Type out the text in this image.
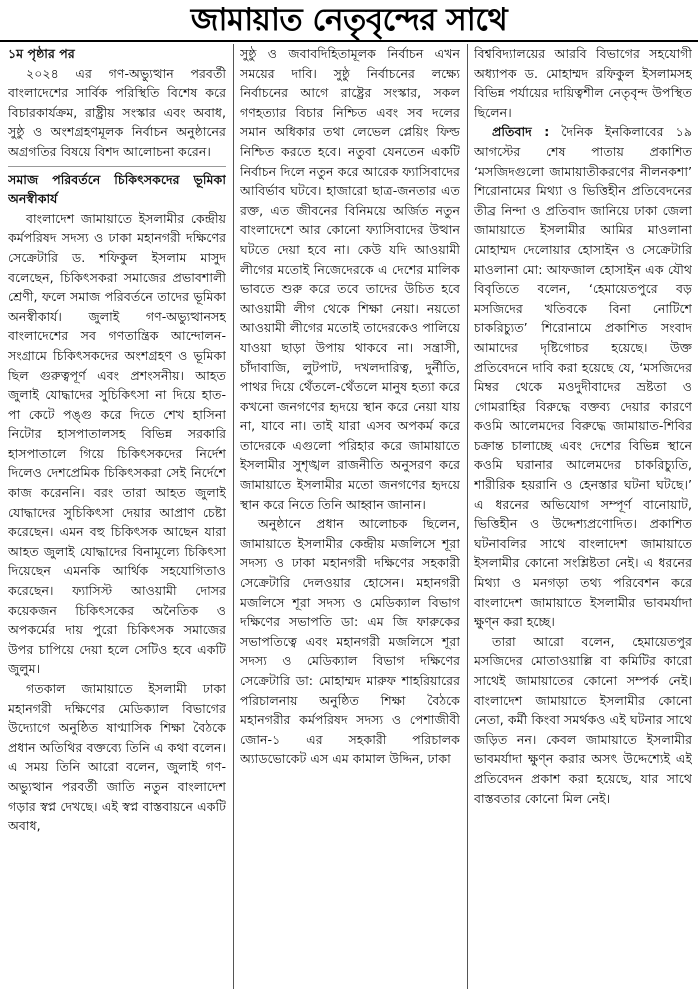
জামায়াত নেতৃবৃন্দের সাথে

১ম পৃষ্ঠার পর

২০২৪ এর গণ-অভ্যুত্থান পরবর্তী বাংলাদেশের সার্বিক পরিস্থিতি বিশেষ করে বিচারকার্যক্রম, রাষ্ট্রীয় সংস্কার এবং অবাধ, সুষ্ঠু ও অংশগ্রহণমূলক নির্বাচন অনুষ্ঠানের অগ্রগতির বিষয়ে বিশদ আলোচনা করেন।

সমাজ পরিবর্তনে চিকিৎসকদের ভূমিকা অনস্বীকার্য

বাংলাদেশ জামায়াতে ইসলামীর কেন্দ্রীয় কর্মপরিষদ সদস্য ও ঢাকা মহানগরী দক্ষিণের সেক্রেটারি ড. শফিকুল ইসলাম মাসুদ বলেছেন, চিকিৎসকরা সমাজের প্রভাবশালী শ্রেণী, ফলে সমাজ পরিবর্তনে তাদের ভূমিকা অনস্বীকার্য। জুলাই গণ-অভ্যুত্থানসহ বাংলাদেশের সব গণতান্ত্রিক আন্দোলন-সংগ্রামে চিকিৎসকদের অংশগ্রহণ ও ভূমিকা ছিল গুরুত্বপূর্ণ এবং প্রশংসনীয়। আহত জুলাই যোদ্ধাদের সুচিকিৎসা না দিয়ে হাত-পা কেটে পঙ্গু করে দিতে শেখ হাসিনা নিটোর হাসপাতালসহ বিভিন্ন সরকারি হাসপাতালে গিয়ে চিকিৎসকদের নির্দেশ দিলেও দেশপ্রেমিক চিকিৎসকরা সেই নির্দেশে কাজ করেননি। বরং তারা আহত জুলাই যোদ্ধাদের সুচিকিৎসা দেয়ার আপ্রাণ চেষ্টা করেছেন। এমন বহু চিকিৎসক আছেন যারা আহত জুলাই যোদ্ধাদের বিনামূল্যে চিকিৎসা দিয়েছেন এমনকি আর্থিক সহযোগিতাও করেছেন। ফ্যাসিস্ট আওয়ামী দোসর কয়েকজন চিকিৎসকের অনৈতিক ও অপকর্মের দায় পুরো চিকিৎসক সমাজের উপর চাপিয়ে দেয়া হলে সেটিও হবে একটি জুলুম।

গতকাল জামায়াতে ইসলামী ঢাকা মহানগরী দক্ষিণের মেডিক্যাল বিভাগের উদ্যোগে অনুষ্ঠিত ষাণ্মাসিক শিক্ষা বৈঠকে প্রধান অতিথির বক্তব্যে তিনি এ কথা বলেন। এ সময় তিনি আরো বলেন, জুলাই গণ-অভ্যুত্থান পরবর্তী জাতি নতুন বাংলাদেশ গড়ার স্বপ্ন দেখছে। এই স্বপ্ন বাস্তবায়নে একটি অবাধ,

সুষ্ঠু ও জবাবদিহিতামূলক নির্বাচন এখন সময়ের দাবি। সুষ্ঠু নির্বাচনের লক্ষ্যে নির্বাচনের আগে রাষ্ট্রের সংস্কার, সকল গণহত্যার বিচার নিশ্চিত এবং সব দলের সমান অধিকার তথা লেভেল প্লেয়িং ফিল্ড নিশ্চিত করতে হবে। নতুবা যেনতেন একটি নির্বাচন দিলে নতুন করে আরেক ফ্যাসিবাদের আবির্ভাব ঘটবে। হাজারো ছাত্র-জনতার এত রক্ত, এত জীবনের বিনিময়ে অর্জিত নতুন বাংলাদেশে আর কোনো ফ্যাসিবাদের উত্থান ঘটতে দেয়া হবে না। কেউ যদি আওয়ামী লীগের মতোই নিজেদেরকে এ দেশের মালিক ভাবতে শুরু করে তবে তাদের উচিত হবে আওয়ামী লীগ থেকে শিক্ষা নেয়া। নয়তো আওয়ামী লীগের মতোই তাদেরকেও পালিয়ে যাওয়া ছাড়া উপায় থাকবে না। সন্ত্রাসী, চাঁদাবাজি, লুটপাট, দখলদারিত্ব, দুর্নীতি, পাথর দিয়ে থেঁতলে-থেঁতলে মানুষ হত্যা করে কখনো জনগণের হৃদয়ে স্থান করে নেয়া যায় না, যাবে না। তাই যারা এসব অপকর্ম করে তাদেরকে এগুলো পরিহার করে জামায়াতে ইসলামীর সুশৃঙ্খল রাজনীতি অনুসরণ করে জামায়াতে ইসলামীর মতো জনগণের হৃদয়ে স্থান করে নিতে তিনি আহ্বান জানান।

অনুষ্ঠানে প্রধান আলোচক ছিলেন, জামায়াতে ইসলামীর কেন্দ্রীয় মজলিসে শূরা সদস্য ও ঢাকা মহানগরী দক্ষিণের সহকারী সেক্রেটারি দেলওয়ার হোসেন। মহানগরী মজলিসে শূরা সদস্য ও মেডিক্যাল বিভাগ দক্ষিণের সভাপতি ডা: এম জি ফারুকের সভাপতিত্বে এবং মহানগরী মজলিসে শূরা সদস্য ও মেডিক্যাল বিভাগ দক্ষিণের সেক্রেটারি ডা: মোহাম্মদ মারুফ শাহরিয়ারের পরিচালনায় অনুষ্ঠিত শিক্ষা বৈঠকে মহানগরীর কর্মপরিষদ সদস্য ও পেশাজীবী জোন-১ এর সহকারী পরিচালক অ্যাডভোকেট এস এম কামাল উদ্দিন, ঢাকা

বিশ্ববিদ্যালয়ের আরবি বিভাগের সহযোগী অধ্যাপক ড. মোহাম্মদ রফিকুল ইসলামসহ বিভিন্ন পর্যায়ের দায়িত্বশীল নেতৃবৃন্দ উপস্থিত ছিলেন।

প্রতিবাদ : দৈনিক ইনকিলাবের ১৯ আগস্টের শেষ পাতায় প্রকাশিত ‘মসজিদগুলো জামায়াতীকরণের নীলনকশা’ শিরোনামের মিথ্যা ও ভিত্তিহীন প্রতিবেদনের তীব্র নিন্দা ও প্রতিবাদ জানিয়ে ঢাকা জেলা জামায়াতে ইসলামীর আমির মাওলানা মোহাম্মদ দেলোয়ার হোসাইন ও সেক্রেটারি মাওলানা মো: আফজাল হোসাইন এক যৌথ বিবৃতিতে বলেন, ‘হেমায়েতপুরে বড় মসজিদের খতিবকে বিনা নোটিশে চাকরিচ্যুত’ শিরোনামে প্রকাশিত সংবাদ আমাদের দৃষ্টিগোচর হয়েছে। উক্ত প্রতিবেদনে দাবি করা হয়েছে যে, ‘মসজিদের মিম্বর থেকে মওদুদীবাদের ভ্রষ্টতা ও গোমরাহির বিরুদ্ধে বক্তব্য দেয়ার কারণে কওমি আলেমদের বিরুদ্ধে জামায়াত-শিবির চক্রান্ত চালাচ্ছে এবং দেশের বিভিন্ন স্থানে কওমি ঘরানার আলেমদের চাকরিচ্যুতি, শারীরিক হয়রানি ও হেনস্তার ঘটনা ঘটছে।’ এ ধরনের অভিযোগ সম্পূর্ণ বানোয়াট, ভিত্তিহীন ও উদ্দেশ্যপ্রণোদিত। প্রকাশিত ঘটনাবলির সাথে বাংলাদেশ জামায়াতে ইসলামীর কোনো সংশ্লিষ্টতা নেই। এ ধরনের মিথ্যা ও মনগড়া তথ্য পরিবেশন করে বাংলাদেশ জামায়াতে ইসলামীর ভাবমর্যাদা ক্ষুণ্ন করা হচ্ছে।

তারা আরো বলেন, হেমায়েতপুর মসজিদের মোতাওয়াল্লি বা কমিটির কারো সাথেই জামায়াতের কোনো সম্পর্ক নেই। বাংলাদেশ জামায়াতে ইসলামীর কোনো নেতা, কর্মী কিংবা সমর্থকও এই ঘটনার সাথে জড়িত নন। কেবল জামায়াতে ইসলামীর ভাবমর্যাদা ক্ষুণ্ন করার অসৎ উদ্দেশ্যেই এই প্রতিবেদন প্রকাশ করা হয়েছে, যার সাথে বাস্তবতার কোনো মিল নেই।
